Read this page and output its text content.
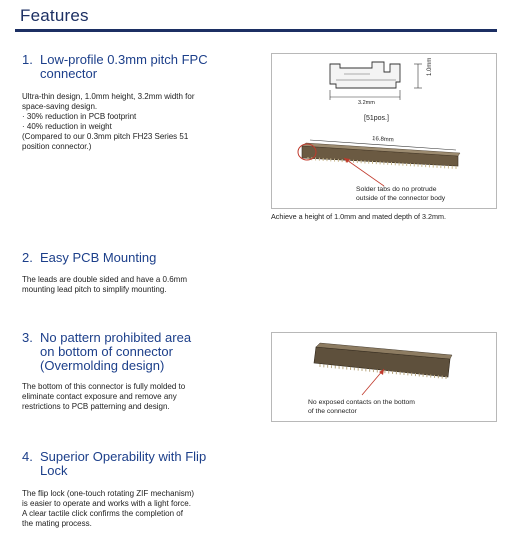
Features
1. Low-profile 0.3mm pitch FPC
connector
Ultra-thin design, 1.0mm height, 3.2mm width for
space-saving design.
· 30% reduction in PCB footprint
· 40% reduction in weight
(Compared to our 0.3mm pitch FH23 Series 51
position connector.)
1.0mm
3.2mm
[51pos.]
16.8mm
Solder tabs do no protrude
outside of the connector body
Achieve a height of 1.0mm and mated depth of 3.2mm.
2. Easy PCB Mounting
The leads are double sided and have a 0.6mm
mounting lead pitch to simplify mounting.
3. No pattern prohibited area
on bottom of connector
(Overmolding design)
The bottom of this connector is fully molded to
eliminate contact exposure and remove any
restrictions to PCB patterning and design.	No exposed contacts on the bottom
of the connector
4. Superior Operability with Flip
Lock
The flip lock (one-touch rotating ZIF mechanism)
is easier to operate and works with a light force.
A clear tactile click confirms the completion of
the mating process.
